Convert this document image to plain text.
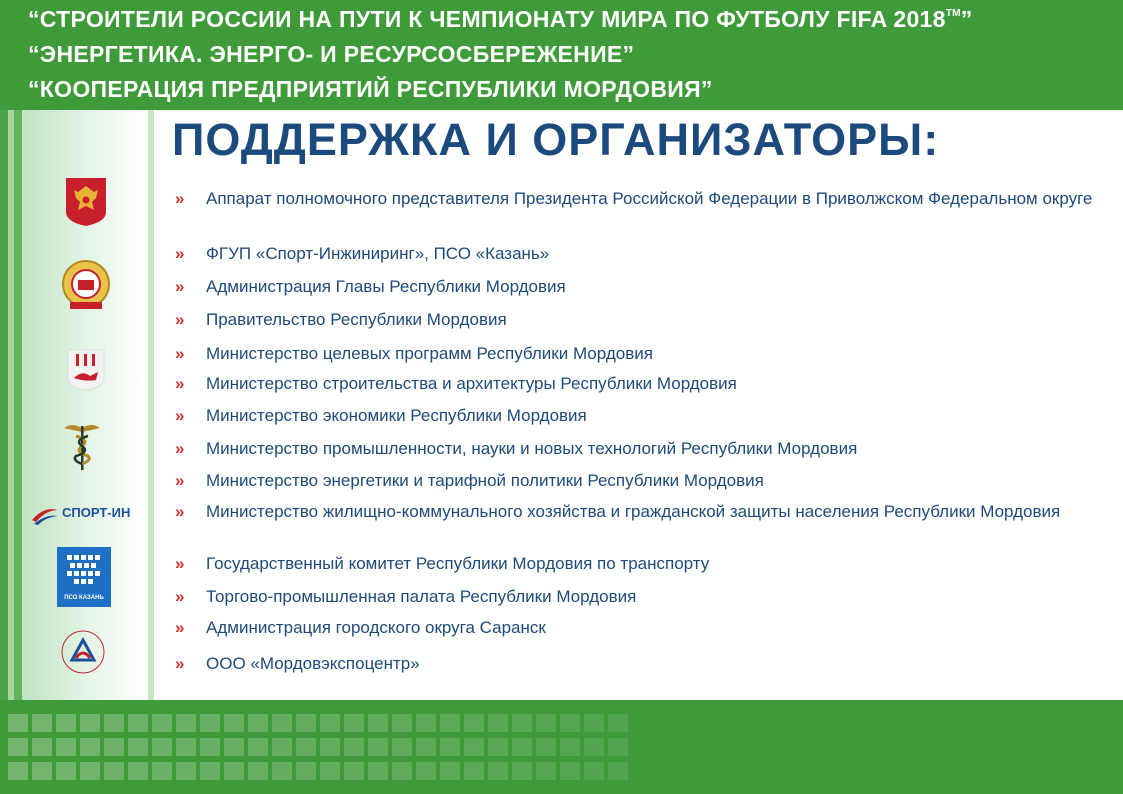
“СТРОИТЕЛИ РОССИИ НА ПУТИ К ЧЕМПИОНАТУ МИРА ПО ФУТБОЛУ FIFA 2018™”
“ЭНЕРГЕТИКА. ЭНЕРГО- И РЕСУРСОСБЕРЕЖЕНИЕ”
“КООПЕРАЦИЯ ПРЕДПРИЯТИЙ РЕСПУБЛИКИ МОРДОВИЯ”
СПОРТ-ИН
ПСО КАЗАНЬ
ПОДДЕРЖКА И ОРГАНИЗАТОРЫ:
» Аппарат полномочного представителя Президента Российской Федерации в Приволжском Федеральном округе
» ФГУП «Спорт-Инжиниринг», ПСО «Казань»
» Администрация Главы Республики Мордовия
» Правительство Республики Мордовия
» Министерство целевых программ Республики Мордовия
» Министерство строительства и архитектуры Республики Мордовия
» Министерство экономики Республики Мордовия
» Министерство промышленности, науки и новых технологий Республики Мордовия
» Министерство энергетики и тарифной политики Республики Мордовия
» Министерство жилищно-коммунального хозяйства и гражданской защиты населения Республики Мордовия
» Государственный комитет Республики Мордовия по транспорту
» Торгово-промышленная палата Республики Мордовия
» Администрация городского округа Саранск
» ООО «Мордовэкспоцентр»
